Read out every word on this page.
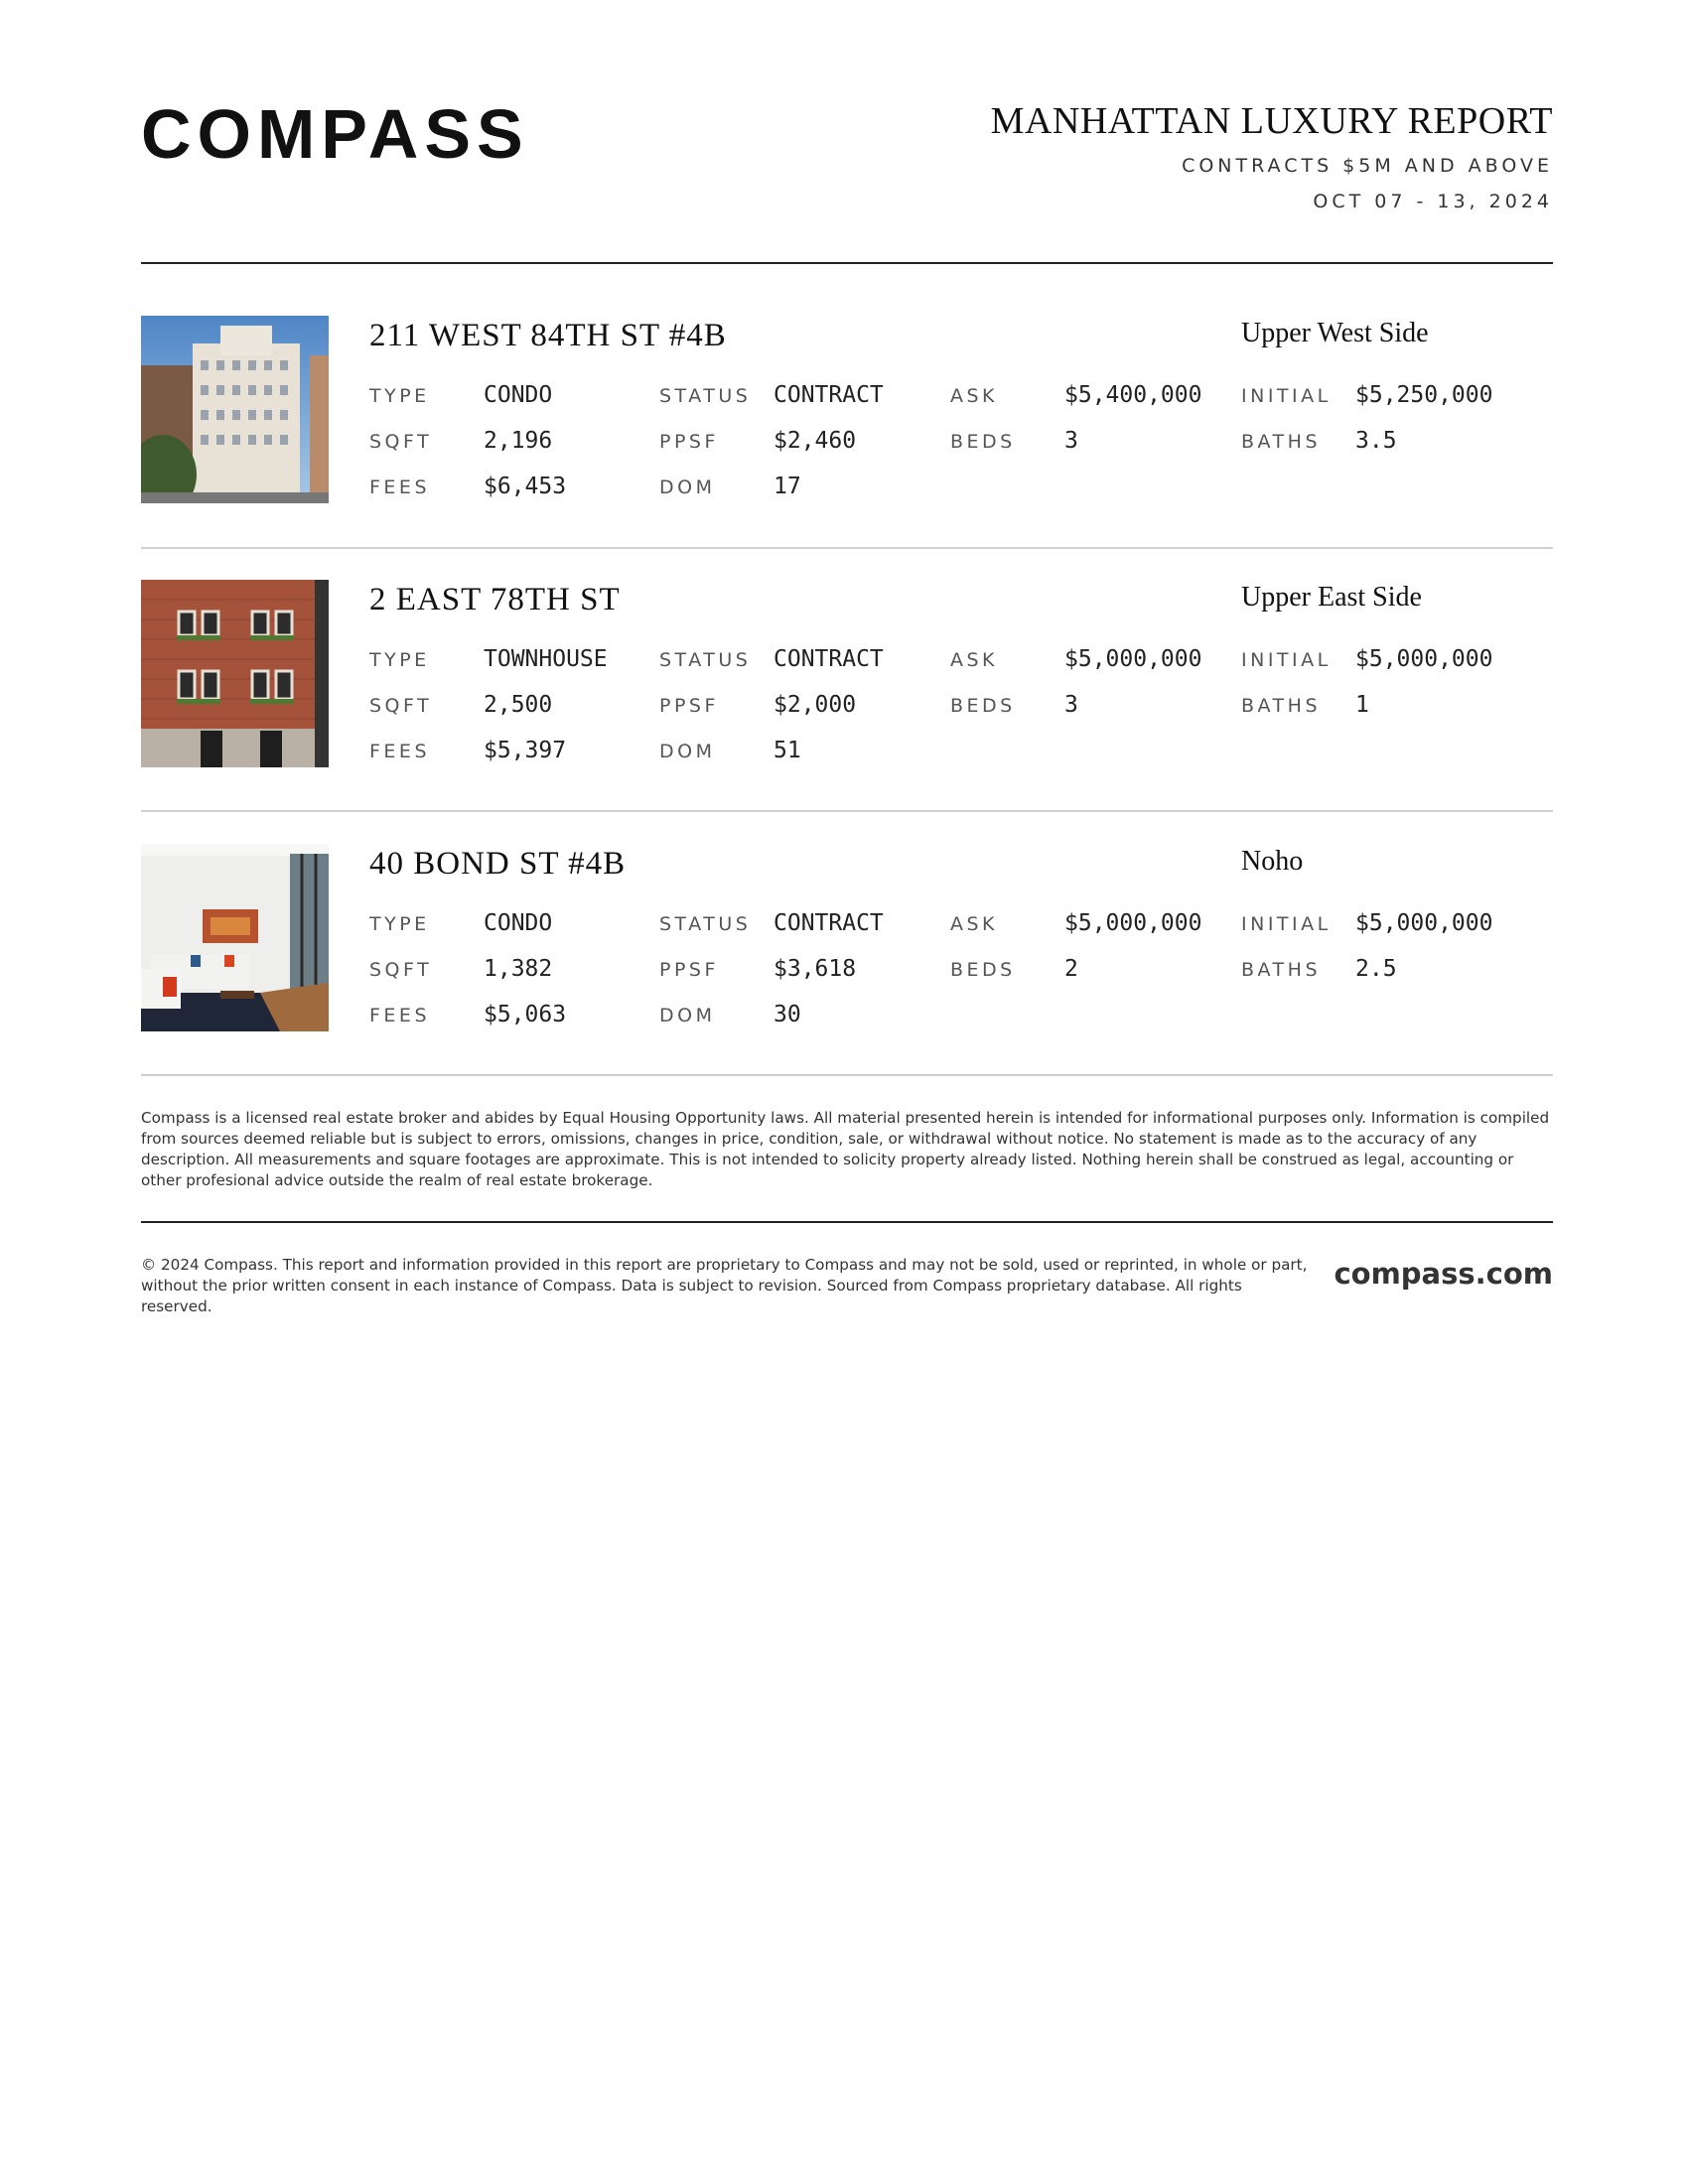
COMPASS	MANHATTAN LUXURY REPORT
CONTRACTS $5M AND ABOVE
OCT 07 - 13, 2024
211 WEST 84TH ST #4B	Upper West Side
TYPE CONDO	STATUS CONTRACT	ASK	$5,400,000 INITIAL $5,250,000
SQFT 2,196	PPSF $2,460	BEDS 3	BATHS 3.5
FEES $6,453	DOM	17
2 EAST 78TH ST	Upper East Side
TYPE TOWNHOUSE	STATUS CONTRACT	ASK	$5,000,000 INITIAL $5,000,000
SQFT 2,500	PPSF $2,000	BEDS 3	BATHS 1
FEES $5,397	DOM	51
40 BOND ST #4B	Noho
TYPE CONDO	STATUS CONTRACT	ASK	$5,000,000 INITIAL $5,000,000
SQFT 1,382	PPSF $3,618	BEDS 2	BATHS 2.5
FEES $5,063	DOM	30
Compass is a licensed real estate broker and abides by Equal Housing Opportunity laws. All material presented herein is intended for informational purposes only. Information is compiled from sources deemed reliable but is subject to errors, omissions, changes in price, condition, sale, or withdrawal without notice. No statement is made as to the accuracy of any description. All measurements and square footages are approximate. This is not intended to solicity property already listed. Nothing herein shall be construed as legal, accounting or other profesional advice outside the realm of real estate brokerage.
© 2024 Compass. This report and information provided in this report are proprietary to Compass and may not be sold, used or reprinted, in whole or part, without the prior written consent in each instance of Compass. Data is subject to revision. Sourced from Compass proprietary database. All rights reserved.
compass.com
